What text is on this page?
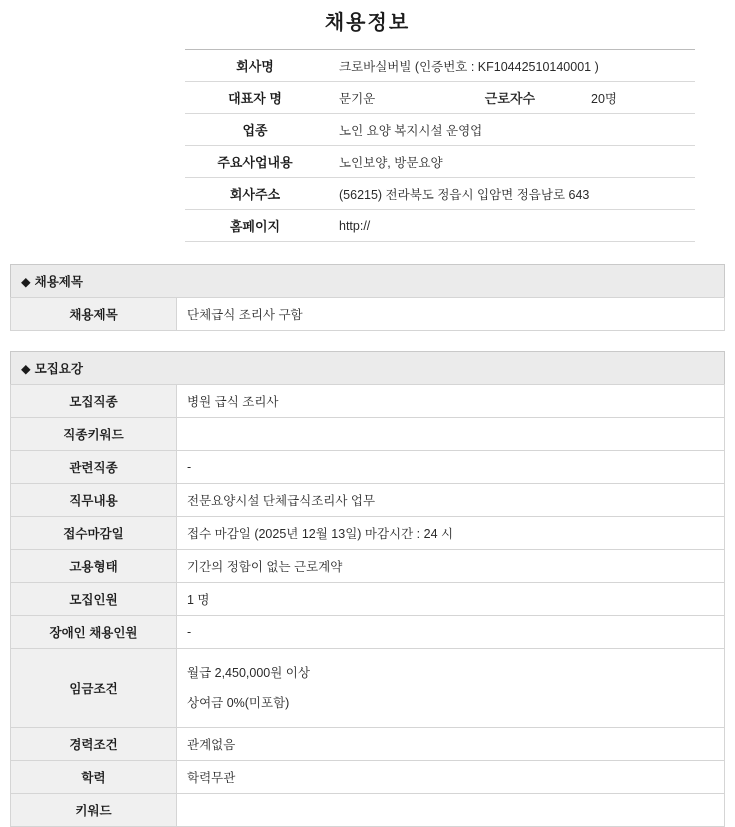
채용정보
회사명	크로바실버빌 (인증번호 : KF10442510140001 )

대표자 명	문기운 근로자수 20명

업종	노인 요양 복지시설 운영업

주요사업내용	노인보양, 방문요양

회사주소	(56215) 전라북도 정읍시 입암면 정읍남로 643

홈페이지	http://
◆ 채용제목
채용제목	단체급식 조리사 구함
◆ 모집요강
모집직종	병원 급식 조리사
직종키워드	
관련직종	-
직무내용	전문요양시설 단체급식조리사 업무
접수마감일	접수 마감일 (2025년 12월 13일) 마감시간 : 24 시
고용형태	기간의 정함이 없는 근로계약
모집인원	1 명
장애인 채용인원	-
임금조건	월급 2,450,000원 이상
상여금 0%(미포함)

경력조건	관계없음
학력	학력무관
키워드	
